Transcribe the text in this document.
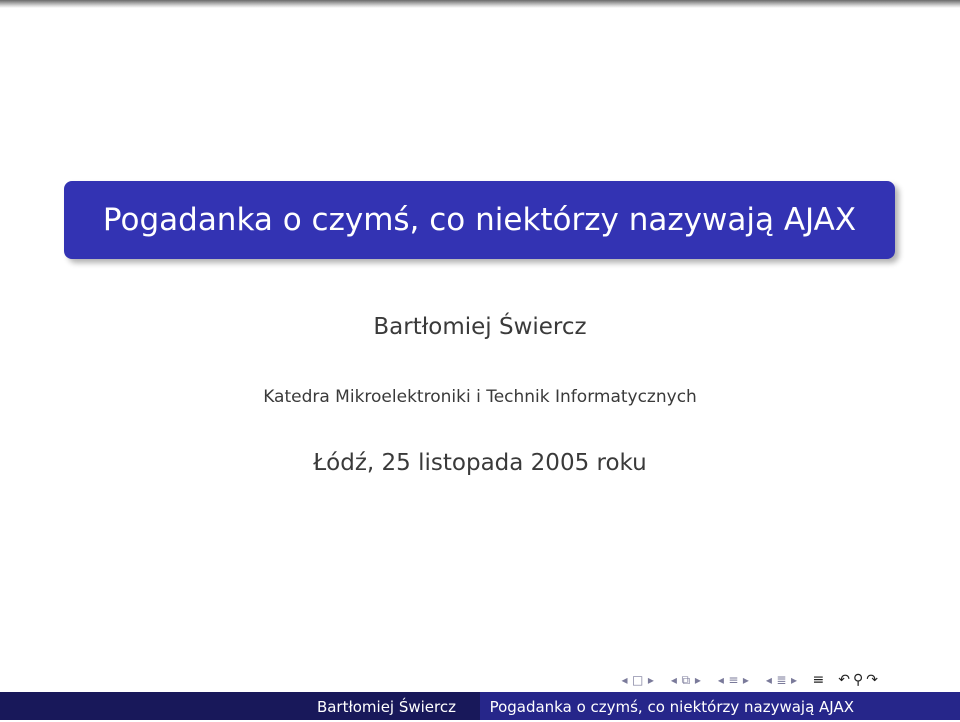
Pogadanka o czymś, co niektórzy nazywają AJAX
Bartłomiej Świercz
Katedra Mikroelektroniki i Technik Informatycznych
Łódź, 25 listopada 2005 roku
◂ □ ▸ ◂ ⧉ ▸ ◂ ≡ ▸ ◂ ≣ ▸ ≡ ↶ ⚲ ↷
Bartłomiej Świercz	Pogadanka o czymś, co niektórzy nazywają AJAX
